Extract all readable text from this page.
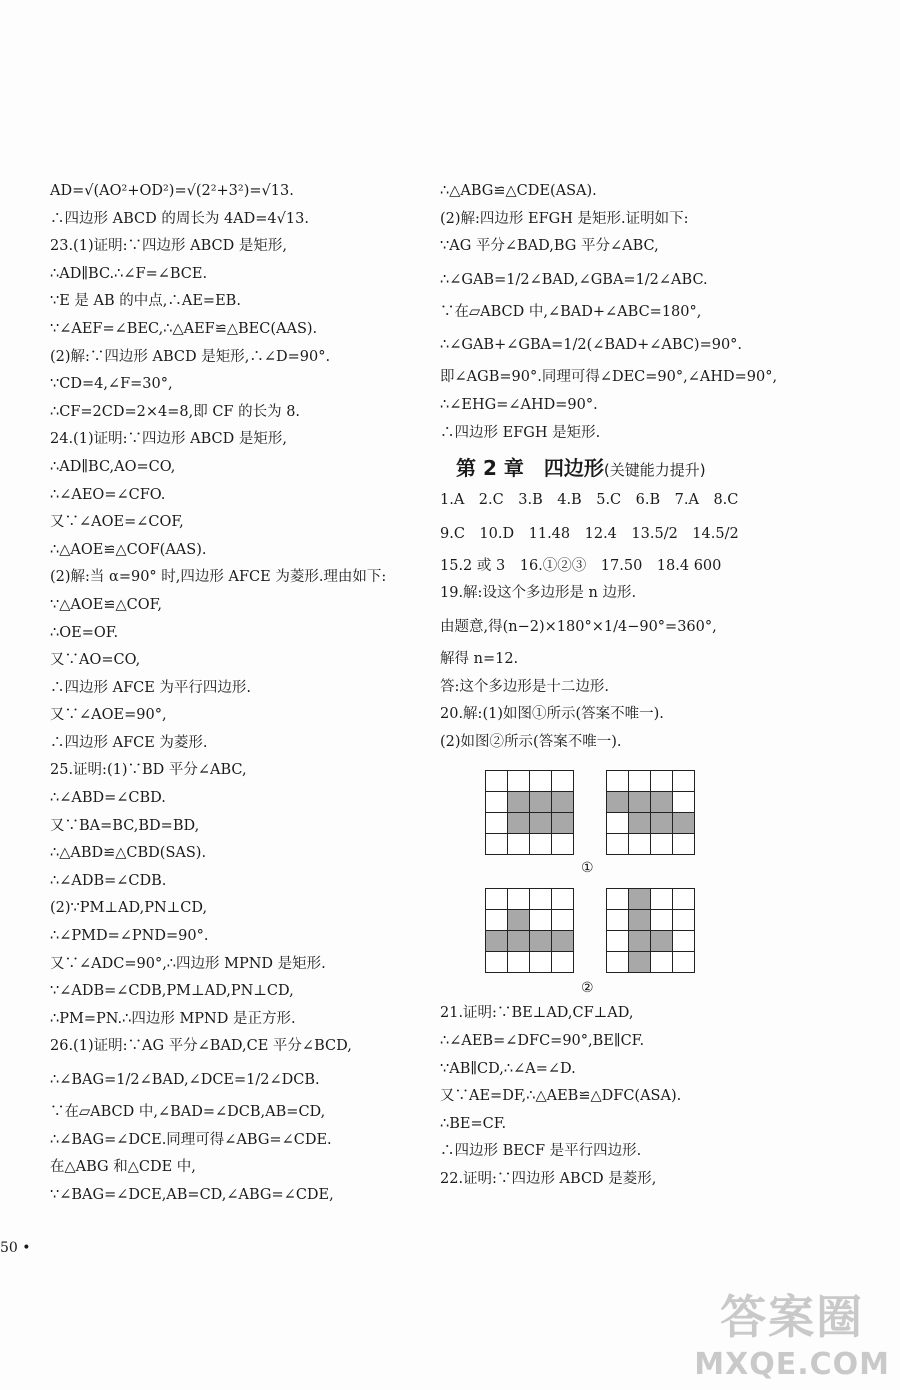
AD=√(AO²+OD²)=√(2²+3²)=√13.
∴四边形 ABCD 的周长为 4AD=4√13.
23.(1)证明:∵四边形 ABCD 是矩形,
∴AD∥BC.∴∠F=∠BCE.
∵E 是 AB 的中点,∴AE=EB.
∵∠AEF=∠BEC,∴△AEF≌△BEC(AAS).
(2)解:∵四边形 ABCD 是矩形,∴∠D=90°.
∵CD=4,∠F=30°,
∴CF=2CD=2×4=8,即 CF 的长为 8.
24.(1)证明:∵四边形 ABCD 是矩形,
∴AD∥BC,AO=CO,
∴∠AEO=∠CFO.
又∵∠AOE=∠COF,
∴△AOE≌△COF(AAS).
(2)解:当 α=90° 时,四边形 AFCE 为菱形.理由如下:
∵△AOE≌△COF,
∴OE=OF.
又∵AO=CO,
∴四边形 AFCE 为平行四边形.
又∵∠AOE=90°,
∴四边形 AFCE 为菱形.
25.证明:(1)∵BD 平分∠ABC,
∴∠ABD=∠CBD.
又∵BA=BC,BD=BD,
∴△ABD≌△CBD(SAS).
∴∠ADB=∠CDB.
(2)∵PM⊥AD,PN⊥CD,
∴∠PMD=∠PND=90°.
又∵∠ADC=90°,∴四边形 MPND 是矩形.
∵∠ADB=∠CDB,PM⊥AD,PN⊥CD,
∴PM=PN.∴四边形 MPND 是正方形.
26.(1)证明:∵AG 平分∠BAD,CE 平分∠BCD,
∴∠BAG=1/2∠BAD,∠DCE=1/2∠DCB.
∵在▱ABCD 中,∠BAD=∠DCB,AB=CD,
∴∠BAG=∠DCE.同理可得∠ABG=∠CDE.
在△ABG 和△CDE 中,
∵∠BAG=∠DCE,AB=CD,∠ABG=∠CDE,
∴△ABG≌△CDE(ASA).
(2)解:四边形 EFGH 是矩形.证明如下:
∵AG 平分∠BAD,BG 平分∠ABC,
∴∠GAB=1/2∠BAD,∠GBA=1/2∠ABC.
∵在▱ABCD 中,∠BAD+∠ABC=180°,
∴∠GAB+∠GBA=1/2(∠BAD+∠ABC)=90°.
即∠AGB=90°.同理可得∠DEC=90°,∠AHD=90°,
∴∠EHG=∠AHD=90°.
∴四边形 EFGH 是矩形.
第 2 章　四边形(关键能力提升)
1.A　2.C　3.B　4.B　5.C　6.B　7.A　8.C
9.C　10.D　11.48　12.4　13.5/2　14.5/2
15.2 或 3　16.①②③　17.50　18.4 600
19.解:设这个多边形是 n 边形.
由题意,得(n−2)×180°×1/4−90°=360°,
解得 n=12.
答:这个多边形是十二边形.
20.解:(1)如图①所示(答案不唯一).
(2)如图②所示(答案不唯一).
①
②
21.证明:∵BE⊥AD,CF⊥AD,
∴∠AEB=∠DFC=90°,BE∥CF.
∵AB∥CD,∴∠A=∠D.
又∵AE=DF,∴△AEB≌△DFC(ASA).
∴BE=CF.
∴四边形 BECF 是平行四边形.
22.证明:∵四边形 ABCD 是菱形,
50 •
答案圈
MXQE.COM
